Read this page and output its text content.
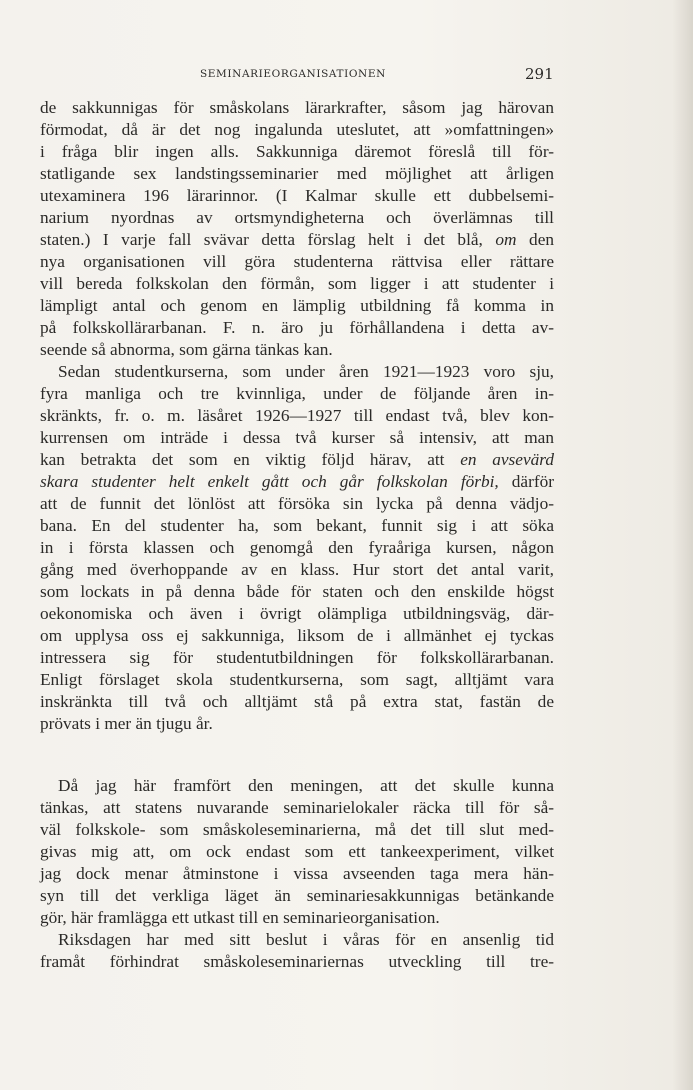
SEMINARIEORGANISATIONEN	291
de sakkunnigas för småskolans lärarkrafter, såsom jag härovan
förmodat, då är det nog ingalunda uteslutet, att »omfattningen»
i fråga blir ingen alls. Sakkunniga däremot föreslå till för-
statligande sex landstingsseminarier med möjlighet att årligen
utexaminera 196 lärarinnor. (I Kalmar skulle ett dubbelsemi-
narium nyordnas av ortsmyndigheterna och överlämnas till
staten.) I varje fall svävar detta förslag helt i det blå, om den
nya organisationen vill göra studenterna rättvisa eller rättare
vill bereda folkskolan den förmån, som ligger i att studenter i
lämpligt antal och genom en lämplig utbildning få komma in
på folkskollärarbanan. F. n. äro ju förhållandena i detta av-
seende så abnorma, som gärna tänkas kan.
Sedan studentkurserna, som under åren 1921—1923 voro sju,
fyra manliga och tre kvinnliga, under de följande åren in-
skränkts, fr. o. m. läsåret 1926—1927 till endast två, blev kon-
kurrensen om inträde i dessa två kurser så intensiv, att man
kan betrakta det som en viktig följd härav, att en avsevärd
skara studenter helt enkelt gått och går folkskolan förbi, därför
att de funnit det lönlöst att försöka sin lycka på denna vädjo-
bana. En del studenter ha, som bekant, funnit sig i att söka
in i första klassen och genomgå den fyraåriga kursen, någon
gång med överhoppande av en klass. Hur stort det antal varit,
som lockats in på denna både för staten och den enskilde högst
oekonomiska och även i övrigt olämpliga utbildningsväg, där-
om upplysa oss ej sakkunniga, liksom de i allmänhet ej tyckas
intressera sig för studentutbildningen för folkskollärarbanan.
Enligt förslaget skola studentkurserna, som sagt, alltjämt vara
inskränkta till två och alltjämt stå på extra stat, fastän de
prövats i mer än tjugu år.
Då jag här framfört den meningen, att det skulle kunna
tänkas, att statens nuvarande seminarielokaler räcka till för så-
väl folkskole- som småskoleseminarierna, må det till slut med-
givas mig att, om ock endast som ett tankeexperiment, vilket
jag dock menar åtminstone i vissa avseenden taga mera hän-
syn till det verkliga läget än seminariesakkunnigas betänkande
gör, här framlägga ett utkast till en seminarieorganisation.
Riksdagen har med sitt beslut i våras för en ansenlig tid
framåt förhindrat småskoleseminariernas utveckling till tre-
